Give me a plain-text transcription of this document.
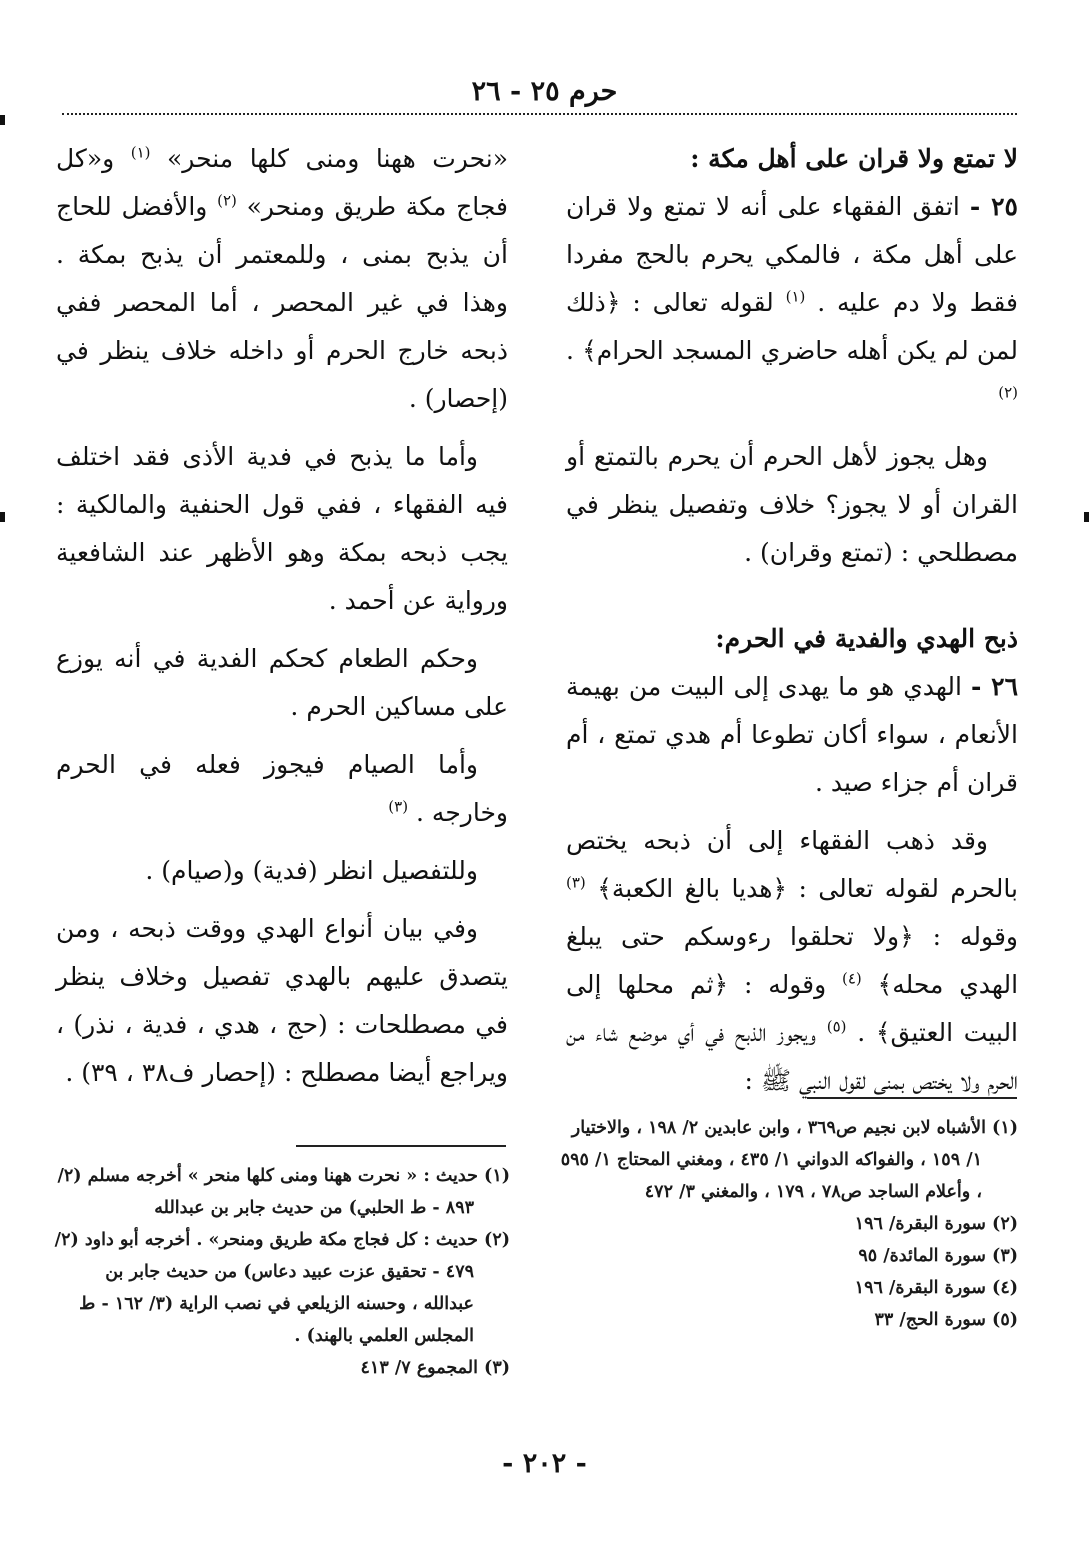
حرم ٢٥ - ٢٦
لا تمتع ولا قران على أهل مكة :

٢٥ - اتفق الفقهاء على أنه لا تمتع ولا قران على أهل مكة ، فالمكي يحرم بالحج مفردا فقط ولا دم عليه . $^{(١)}$ لقوله تعالى : ﴿ذلك لمن لم يكن أهله حاضري المسجد الحرام﴾ . $^{(٢)}$

وهل يجوز لأهل الحرم أن يحرم بالتمتع أو القران أو لا يجوز؟ خلاف وتفصيل ينظر في مصطلحي : (تمتع وقران) .

ذبح الهدي والفدية في الحرم:

٢٦ - الهدي هو ما يهدى إلى البيت من بهيمة الأنعام ، سواء أكان تطوعا أم هدي تمتع ، أم قران أم جزاء صيد .

وقد ذهب الفقهاء إلى أن ذبحه يختص بالحرم لقوله تعالى : ﴿هديا بالغ الكعبة﴾ $^{(٣)}$ وقوله : ﴿ولا تحلقوا رءوسكم حتى يبلغ الهدي محله﴾ $^{(٤)}$ وقوله : ﴿ثم محلها إلى البيت العتيق﴾ . $^{(٥)}$ ويجوز الذبح في أي موضع شاء من الحرم ولا يختص بمنى لقول النبي ﷺ :

«نحرت ههنا ومنى كلها منحر» $^{(١)}$ و«كل فجاج مكة طريق ومنحر» $^{(٢)}$ والأفضل للحاج أن يذبح بمنى ، وللمعتمر أن يذبح بمكة . وهذا في غير المحصر ، أما المحصر ففي ذبحه خارج الحرم أو داخله خلاف ينظر في (إحصار) .

وأما ما يذبح في فدية الأذى فقد اختلف فيه الفقهاء ، ففي قول الحنفية والمالكية : يجب ذبحه بمكة وهو الأظهر عند الشافعية ورواية عن أحمد .

وحكم الطعام كحكم الفدية في أنه يوزع على مساكين الحرم .

وأما الصيام فيجوز فعله في الحرم وخارجه . $^{(٣)}$

وللتفصيل انظر (فدية) و(صيام) .

وفي بيان أنواع الهدي ووقت ذبحه ، ومن يتصدق عليهم بالهدي تفصيل وخلاف ينظر في مصطلحات : (حج ، هدي ، فدية ، نذر) ، ويراجع أيضا مصطلح : (إحصار ف٣٨ ، ٣٩) .

(١) الأشباه لابن نجيم ص٣٦٩ ، وابن عابدين ٢/ ١٩٨ ، والاختيار ١/ ١٥٩ ، والفواكه الدواني ١/ ٤٣٥ ، ومغني المحتاج ١/ ٥٩٥ ، وأعلام الساجد ص٧٨ ، ١٧٩ ، والمغني ٣/ ٤٧٢
(٢) سورة البقرة/ ١٩٦
(٣) سورة المائدة/ ٩٥
(٤) سورة البقرة/ ١٩٦
(٥) سورة الحج/ ٣٣
(١) حديث : « نحرت ههنا ومنى كلها منحر » أخرجه مسلم (٢/ ٨٩٣ - ط الحلبي) من حديث جابر بن عبدالله
(٢) حديث : كل فجاج مكة طريق ومنحر» . أخرجه أبو داود (٢/ ٤٧٩ - تحقيق عزت عبيد دعاس) من حديث جابر بن عبدالله ، وحسنه الزيلعي في نصب الراية (٣/ ١٦٢ - ط المجلس العلمي بالهند) .
(٣) المجموع ٧/ ٤١٣
- ٢٠٢ -
